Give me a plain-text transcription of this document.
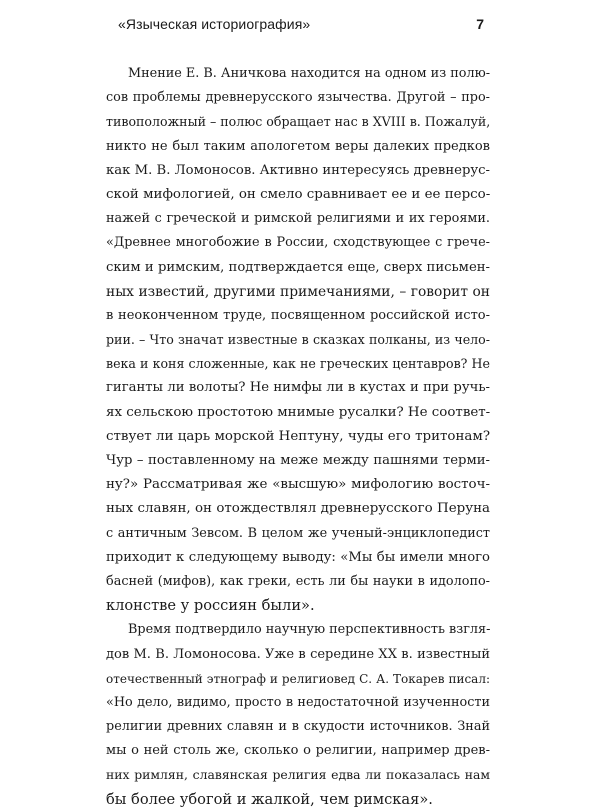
«Языческая историография»	7
Мнение Е. В. Аничкова находится на одном из полю-
сов проблемы древнерусского язычества. Другой – про-
тивоположный – полюс обращает нас в XVIII в. Пожалуй,
никто не был таким апологетом веры далеких предков
как М. В. Ломоносов. Активно интересуясь древнерус-
ской мифологией, он смело сравнивает ее и ее персо-
нажей с греческой и римской религиями и их героями.
«Древнее многобожие в России, сходствующее с грече-
ским и римским, подтверждается еще, сверх письмен-
ных известий, другими примечаниями, – говорит он
в неоконченном труде, посвященном российской исто-
рии. – Что значат известные в сказках полканы, из чело-
века и коня сложенные, как не греческих центавров? Не
гиганты ли волоты? Не нимфы ли в кустах и при ручь-
ях сельскою простотою мнимые русалки? Не соответ-
ствует ли царь морской Нептуну, чуды его тритонам?
Чур – поставленному на меже между пашнями терми-
ну?» Рассматривая же «высшую» мифологию восточ-
ных славян, он отождествлял древнерусского Перуна
с античным Зевсом. В целом же ученый-энциклопедист
приходит к следующему выводу: «Мы бы имели много
басней (мифов), как греки, есть ли бы науки в идолопо-
клонстве у россиян были».
Время подтвердило научную перспективность взгля-
дов М. В. Ломоносова. Уже в середине XX в. известный
отечественный этнограф и религиовед С. А. Токарев писал:
«Но дело, видимо, просто в недостаточной изученности
религии древних славян и в скудости источников. Знай
мы о ней столь же, сколько о религии, например древ-
них римлян, славянская религия едва ли показалась нам
бы более убогой и жалкой, чем римская».
